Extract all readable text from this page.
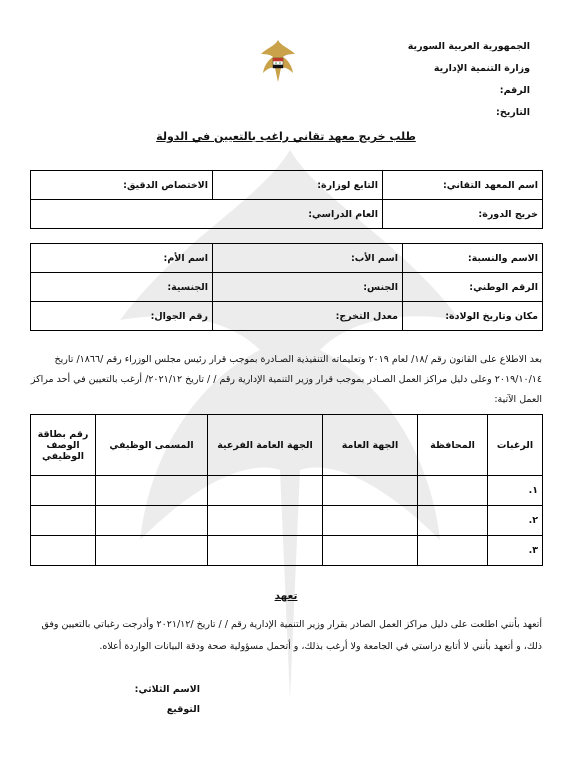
الجمهورية العربية السورية
وزارة التنمية الإدارية
الرقم:
التاريخ:
طلب خريج معهد تقاني راغب بالتعيين في الدولة
اسم المعهد التقاني:	التابع لوزارة:	الاختصاص الدقيق:
خريج الدورة:	العام الدراسي:	
الاسم والنسبة:	اسم الأب:	اسم الأم:
الرقم الوطني:	الجنس:	الجنسية:
مكان وتاريخ الولادة:	معدل التخرج:	رقم الجوال:
بعد الاطلاع على القانون رقم /١٨/ لعام ٢٠١٩ وتعليماته التنفيذية الصـادرة بموجب قرار رئيس مجلس الوزراء رقم /١٨٦٦/ تاريخ ٢٠١٩/١٠/١٤ وعلى دليل مراكز العمل الصـادر بموجب قرار وزير التنمية الإدارية رقم / / تاريخ ٢٠٢١/١٢/ أرغب بالتعيين في أحد مراكز العمل الآتية:
الرغبات	المحافظة	الجهة العامة	الجهة العامة الفرعية	المسمى الوظيفي	رقم بطاقة الوصف الوظيفي
١.					
٢.					
٣.					
تعهد
أتعهد بأنني اطلعت على دليل مراكز العمل الصادر بقرار وزير التنمية الإدارية رقم / / تاريخ /٢٠٢١/١٢ وأدرجت رغباتي بالتعيين وفق ذلك، و أتعهد بأنني لا أتابع دراستي في الجامعة ولا أرغب بذلك، و أتحمل مسؤولية صحة ودقة البيانات الواردة أعلاه.
الاسم الثلاثي:
التوقيع
